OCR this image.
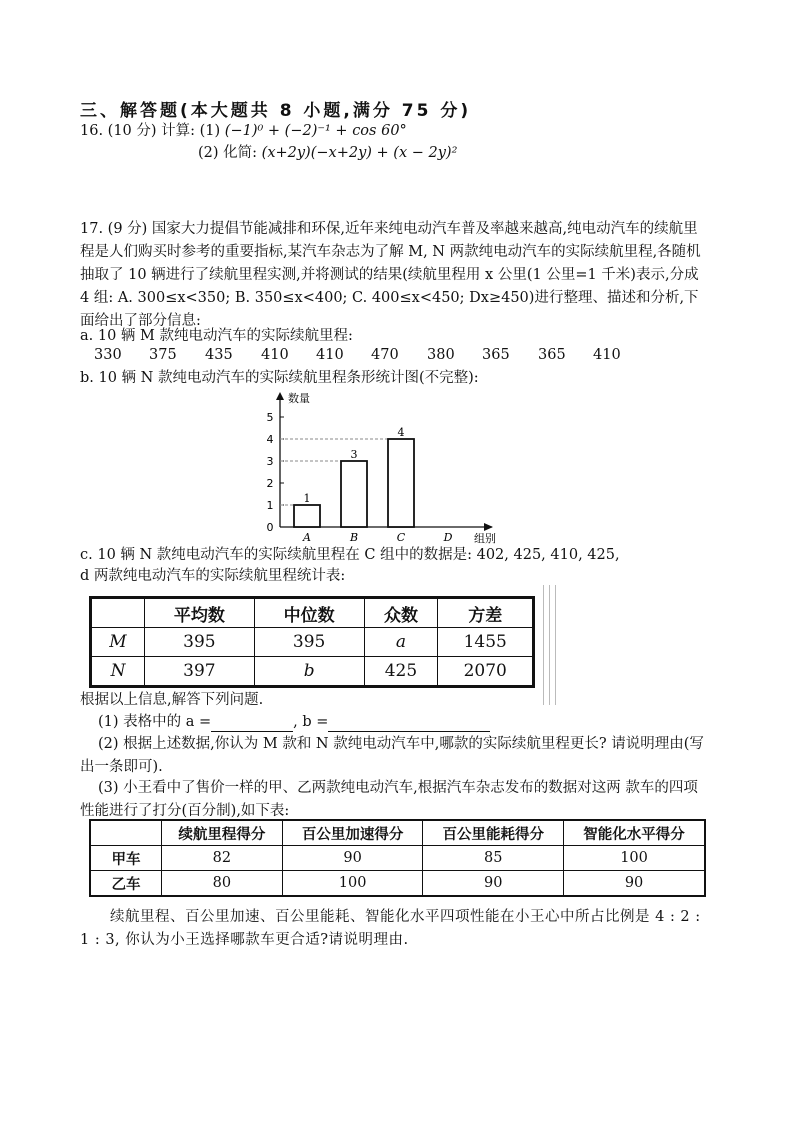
三、解答题(本大题共 8 小题,满分 75 分)
16. (10 分) 计算: (1) (−1)⁰ + (−2)⁻¹ + cos 60°
(2) 化简: (x+2y)(−x+2y) + (x − 2y)²
17. (9 分) 国家大力提倡节能减排和环保,近年来纯电动汽车普及率越来越高,纯电动汽车的续航里程是人们购买时参考的重要指标,某汽车杂志为了解 M, N 两款纯电动汽车的实际续航里程,各随机抽取了 10 辆进行了续航里程实测,并将测试的结果(续航里程用 x 公里(1 公里=1 千米)表示,分成 4 组: A. 300≤x<350; B. 350≤x<400; C. 400≤x<450; Dx≥450)进行整理、描述和分析,下面给出了部分信息:
a. 10 辆 M 款纯电动汽车的实际续航里程:
330 375 435 410 410 470 380 365 365 410
b. 10 辆 N 款纯电动汽车的实际续航里程条形统计图(不完整):
0
1
2
3
4
5
数量
组别
1
A
3
B
4
C	D
c. 10 辆 N 款纯电动汽车的实际续航里程在 C 组中的数据是: 402, 425, 410, 425,
d 两款纯电动汽车的实际续航里程统计表:
	平均数	中位数	众数	方差
M	395	395	a	1455
N	397	b	425	2070
根据以上信息,解答下列问题.
(1) 表格中的 a =	, b =
(2) 根据上述数据,你认为 M 款和 N 款纯电动汽车中,哪款的实际续航里程更长? 请说明理由(写出一条即可).
(3) 小王看中了售价一样的甲、乙两款纯电动汽车,根据汽车杂志发布的数据对这两 款车的四项性能进行了打分(百分制),如下表:
	续航里程得分	百公里加速得分	百公里能耗得分	智能化水平得分
甲车	82	90	85	100
乙车	80	100	90	90
续航里程、百公里加速、百公里能耗、智能化水平四项性能在小王心中所占比例是 4 : 2 : 1 : 3, 你认为小王选择哪款车更合适?请说明理由.
